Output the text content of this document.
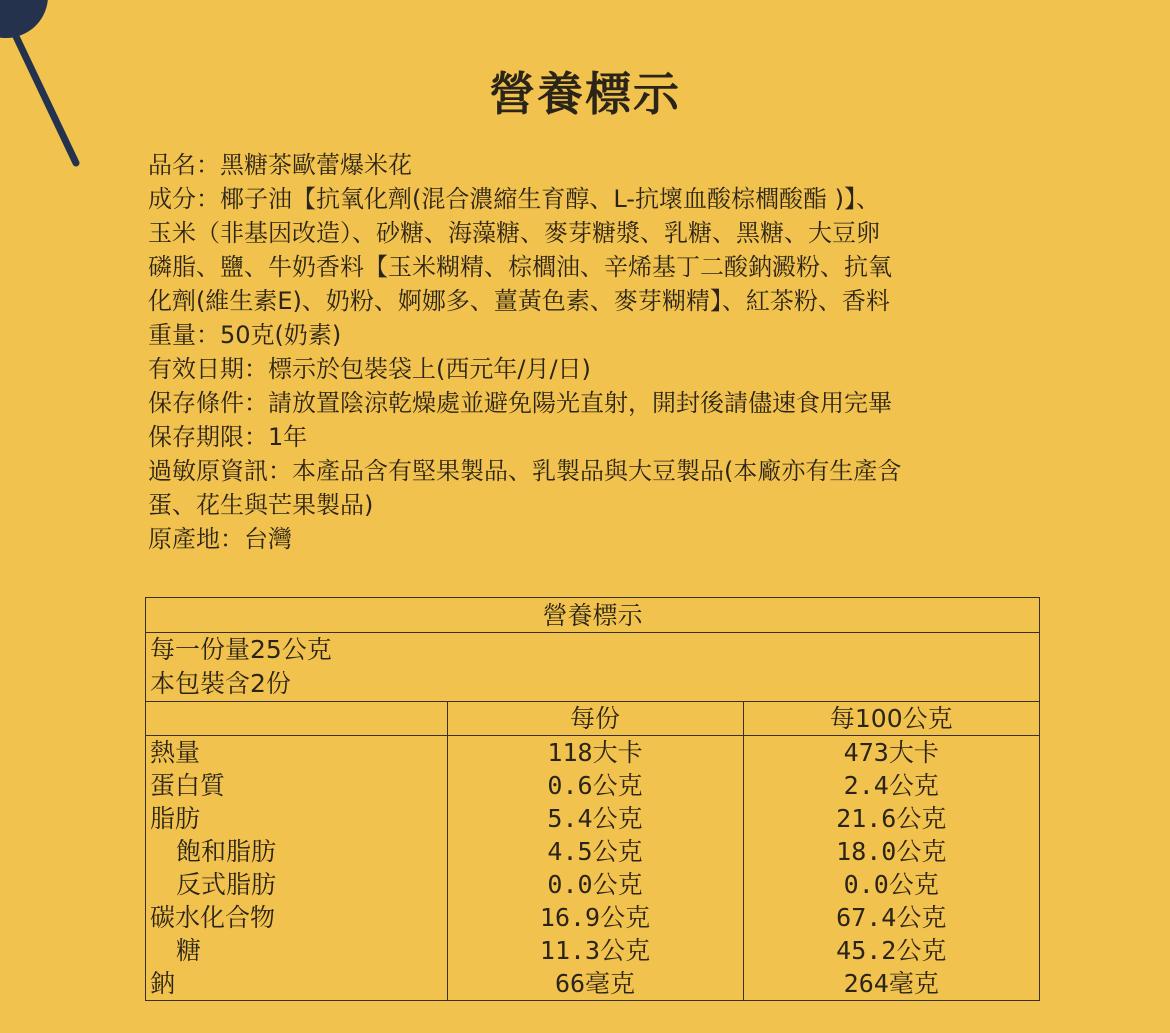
營養標示
品名：黑糖茶歐蕾爆米花
成分：椰子油【抗氧化劑(混合濃縮生育醇、L-抗壞血酸棕櫚酸酯 )】、
玉米（非基因改造）、砂糖、海藻糖、麥芽糖漿、乳糖、黑糖、大豆卵
磷脂、鹽、牛奶香料【玉米糊精、棕櫚油、辛烯基丁二酸鈉澱粉、抗氧
化劑(維生素E)、奶粉、婀娜多、薑黃色素、麥芽糊精】、紅茶粉、香料
重量：50克(奶素)
有效日期：標示於包裝袋上(西元年/月/日)
保存條件：請放置陰涼乾燥處並避免陽光直射，開封後請儘速食用完畢
保存期限：1年
過敏原資訊：本產品含有堅果製品、乳製品與大豆製品(本廠亦有生產含
蛋、花生與芒果製品)
原產地：台灣
營養標示
每一份量25公克
本包裝含2份
	每份	每100公克
熱量	118大卡	473大卡
蛋白質	0.6公克	2.4公克
脂肪	5.4公克	21.6公克
飽和脂肪	4.5公克	18.0公克
反式脂肪	0.0公克	0.0公克
碳水化合物	16.9公克	67.4公克
糖	11.3公克	45.2公克
鈉	66毫克	264毫克
